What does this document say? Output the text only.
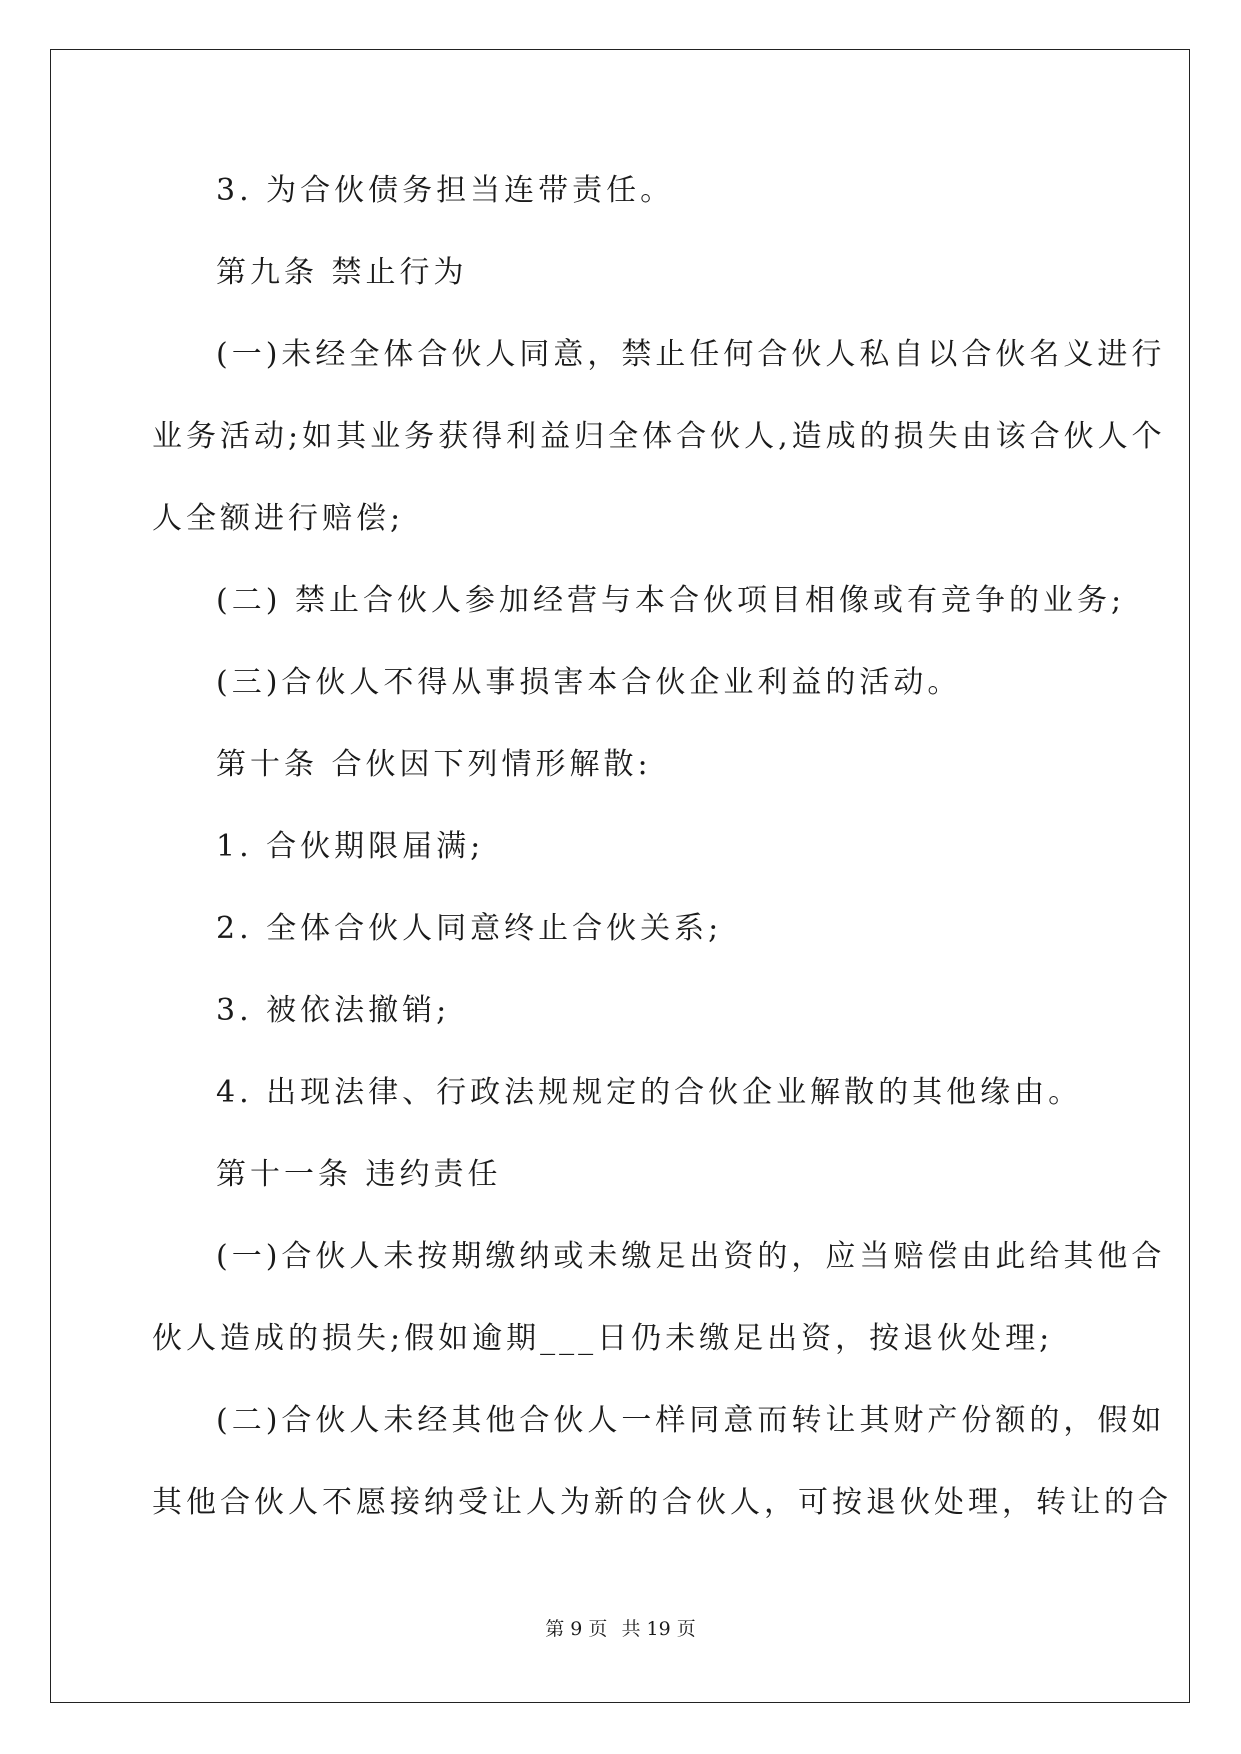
3. 为合伙债务担当连带责任。
第九条 禁止行为
(一)未经全体合伙人同意，禁止任何合伙人私自以合伙名义进行
业务活动;如其业务获得利益归全体合伙人,造成的损失由该合伙人个
人全额进行赔偿;
(二) 禁止合伙人参加经营与本合伙项目相像或有竞争的业务;
(三)合伙人不得从事损害本合伙企业利益的活动。
第十条 合伙因下列情形解散:
1. 合伙期限届满;
2. 全体合伙人同意终止合伙关系;
3. 被依法撤销;
4. 出现法律、行政法规规定的合伙企业解散的其他缘由。
第十一条 违约责任
(一)合伙人未按期缴纳或未缴足出资的，应当赔偿由此给其他合
伙人造成的损失;假如逾期___日仍未缴足出资，按退伙处理;
(二)合伙人未经其他合伙人一样同意而转让其财产份额的，假如
其他合伙人不愿接纳受让人为新的合伙人，可按退伙处理，转让的合
第 9 页 共 19 页
